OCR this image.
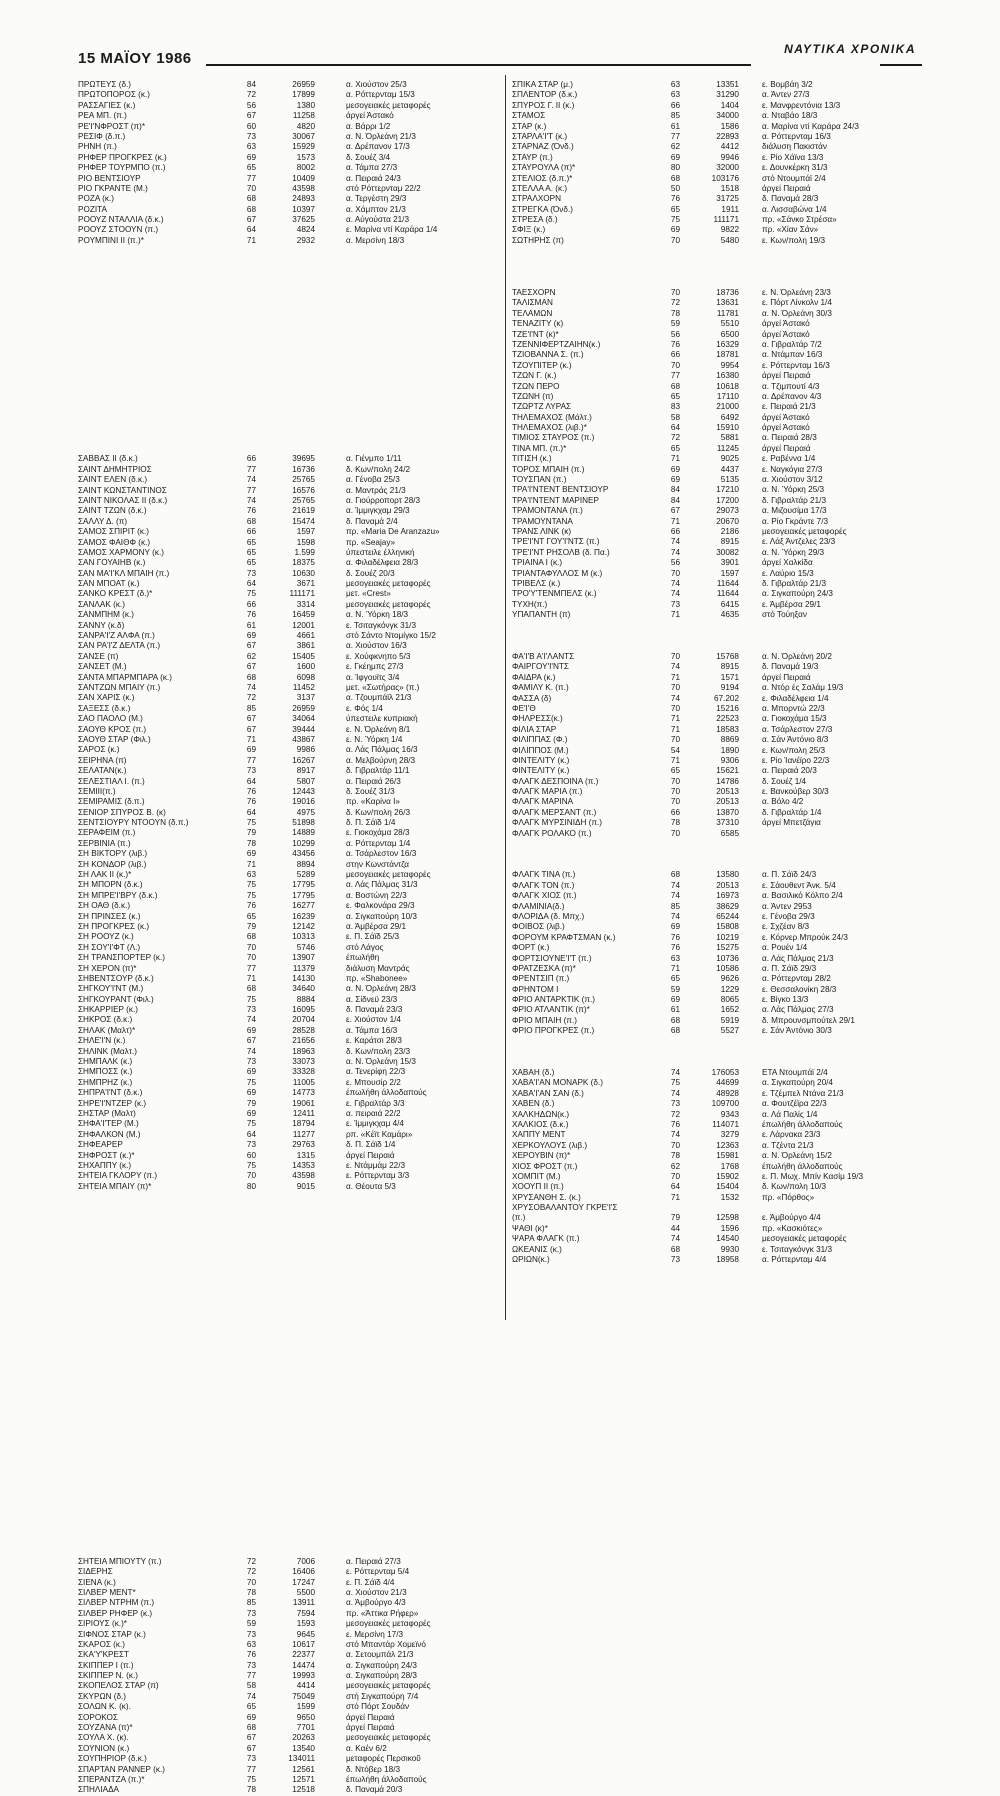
15 ΜΑΪΟΥ 1986
ΝΑΥΤΙΚΑ ΧΡΟΝΙΚΑ
ΠΡΩΤΕΥΣ (δ.)	84	26959	α. Χιούστον 25/3
ΠΡΩΤΟΠΟΡΟΣ (κ.)	72	17899	α. Ρόττερνταμ 15/3
ΡΑΣΣΑΓΙΕΣ (κ.)	56	1380	μεσογειακές μεταφορές
ΡΕΑ ΜΠ. (π.)	67	11258	άργεί Άστακό
ΡΕ'Ι'ΝΦΡΟΣΤ (π)*	60	4820	α. Βάρρι 1/2
ΡΕΣΙΦ (δ.π.)	73	30067	α. Ν. Όρλεάνη 21/3
ΡΗΝΗ (π.)	63	15929	α. Δρέπανον 17/3
ΡΗΦΕΡ ΠΡΟΓΚΡΕΣ (κ.)	69	1573	δ. Σουέζ 3/4
ΡΗΦΕΡ ΤΟΥΡΜΠΟ (π.)	65	8002	α. Τάμπα 27/3
ΡΙΟ ΒΕΝΤΣΙΟΥΡ	77	10409	α. Πειραιά 24/3
ΡΙΟ ΓΚΡΑΝΤΕ (Μ.)	70	43598	στό Ρόττερνταμ 22/2
ΡΟΖΑ (κ.)	68	24893	α. Τεργέστη 29/3
ΡΟΖΙΤΑ	68	10397	α. Χάμπτον 21/3
ΡΟΟΥΖ ΝΤΑΛΛΙΑ (δ.κ.)	67	37625	α. Αύγούστα 21/3
ΡΟΟΥΖ ΣΤΟΟΥΝ (π.)	64	4824	ε. Μαρίνα ντί Καράρα 1/4
ΡΟΥΜΠΙΝΙ ΙΙ (π.)*	71	2932	α. Μερσίνη 18/3
ΣΑΒΒΑΣ ΙΙ (δ.κ.)	66	39695	α. Γιένμπο 1/11
ΣΑΙΝΤ ΔΗΜΗΤΡΙΟΣ	77	16736	δ. Κων/πολη 24/2
ΣΑΙΝΤ ΕΛΕΝ (δ.κ.)	74	25765	α. Γένοβα 25/3
ΣΑΙΝΤ ΚΩΝΣΤΑΝΤΙΝΟΣ	77	16576	α. Μαντράς 21/3
ΣΑΙΝΤ ΝΙΚΟΛΑΣ ΙΙ (δ.κ.)	74	25765	α. Γιούρροπορτ 28/3
ΣΑΙΝΤ ΤΖΩΝ (δ.κ.)	76	21619	α. Ίμμιγκχαμ 29/3
ΣΑΛΛΥ Δ. (π)	68	15474	δ. Παναμά 2/4
ΣΑΜΟΣ ΣΠΙΡΙΤ (κ.)	66	1597	πρ. «Maria De Aranzazu»
ΣΑΜΟΣ ΦΑΙΘΦ (κ.)	65	1598	πρ. «Seajay»
ΣΑΜΟΣ ΧΑΡΜΟΝΥ (κ.)	65	1.599	ύπεστειλε έλληνική
ΣΑΝ ΓΟΥΑΙΗΒ (κ.)	65	18375	α. Φιλαδέλφεια 28/3
ΣΑΝ ΜΑ'Ι'ΚΛ ΜΠΑΙΗ (π.)	73	10630	δ. Σουέζ 20/3
ΣΑΝ ΜΠΟΑΤ (κ.)	64	3671	μεσογειακές μεταφορές
ΣΑΝΚΟ ΚΡΕΣΤ (δ.)*	75	111171	μετ. «Crest»
ΣΑΝΛΑΚ (κ.)	66	3314	μεσογειακές μεταφορές
ΣΑΝΜΠΗΜ (κ.)	76	16459	α. Ν. Ύόρκη 18/3
ΣΑΝΝΥ (κ.δ)	61	12001	ε. Τσιταγκόνγκ 31/3
ΣΑΝΡΑ'Ι'Ζ ΑΛΦΑ (π.)	69	4661	στό Σάντο Ντομίγκο 15/2
ΣΑΝ ΡΑ'Ι'Ζ ΔΕΛΤΑ (π.)	67	3861	α. Χιούστον 16/3
ΣΑΝΣΕ (π)	62	15405	ε. Χούφκνηπο 5/3
ΣΑΝΣΕΤ (Μ.)	67	1600	ε. Γκέημπς 27/3
ΣΑΝΤΑ ΜΠΑΡΜΠΑΡΑ (κ.)	68	6098	α. Ίφγουϊτς 3/4
ΣΑΝΤΖΩΝ ΜΠΑΙΥ (π.)	74	11452	μετ. «Σωτήρας» (π.)
ΣΑΝ ΧΑΡΙΣ (κ.)	72	3137	α. Τζουμπάϊλ 21/3
ΣΑΞΕΣΣ (δ.κ.)	85	26959	ε. Φός 1/4
ΣΑΟ ΠΑΟΛΟ (Μ.)	67	34064	ύπεστειλε κυπριακή
ΣΑΟΥΘ ΚΡΟΣ (π.)	67	39444	ε. Ν. Όρλεάνη 8/1
ΣΑΟΥΘ ΣΤΑΡ (Φιλ.)	71	43867	ε. Ν. Ύόρκη 1/4
ΣΑΡΟΣ (κ.)	69	9986	α. Λάς Πάλμας 16/3
ΣΕΙΡΗΝΑ (π)	77	16267	α. Μελβούρνη 28/3
ΣΕΛΑΤΑΝ(κ.)	73	8917	δ. Γιβραλτάρ 11/1
ΣΕΛΕΣΤΙΑΛ Ι. (π.)	64	5807	α. Πειραιά 26/3
ΣΕΜΙΙΙ(π.)	76	12443	δ. Σουέζ 31/3
ΣΕΜΙΡΑΜΙΣ (δ.π.)	76	19016	πρ. «Καρίνα Ι»
ΣΕΝΙΟΡ ΣΠΥΡΟΣ Β. (κ)	64	4975	δ. Κων/πολη 26/3
ΣΕΝΤΣΙΟΥΡΥ ΝΤΟΟΥΝ (δ.π.)	75	51898	δ. Π. Σάϊδ 1/4
ΣΕΡΑΦΕΙΜ (π.)	79	14889	ε. Γιοκοχάμα 28/3
ΣΕΡΒΙΝΙΑ (π.)	78	10299	α. Ρόττερνταμ 1/4
ΣΗ ΒΙΚΤΟΡΥ (λιβ.)	69	43456	α. Τσάρλεστον 16/3
ΣΗ ΚΟΝΔΟΡ (λιβ.)	71	8894	στην Κωνστάντζα
ΣΗ ΛΑΚ ΙΙ (κ.)*	63	5289	μεσογειακές μεταφορές
ΣΗ ΜΠΟΡΝ (δ.κ.)	75	17795	α. Λάς Πάλμας 31/3
ΣΗ ΜΠΡΕ'Ι'ΒΡΥ (δ.κ.)	75	17795	α. Βοστώνη 22/3
ΣΗ ΟΑΘ (δ.κ.)	76	16277	ε. Φαλκονάρα 29/3
ΣΗ ΠΡΙΝΣΕΣ (κ.)	65	16239	α. Σιγκαπούρη 10/3
ΣΗ ΠΡΟΓΚΡΕΣ (κ.)	79	12142	α. Άμβέρσα 29/1
ΣΗ ΡΟΟΥΖ (κ.)	68	10313	ε. Π. Σάϊδ 25/3
ΣΗ ΣΟΥ'Ι'ΦΤ (Λ.)	70	5746	στό Λάγος
ΣΗ ΤΡΑΝΣΠΟΡΤΕΡ (κ.)	70	13907	έπωλήθη
ΣΗ ΧΕΡΟΝ (π)*	77	11379	διάλυση Μαντράς
ΣΗΒΕΝΤΣΟΥΡ (δ.κ.)	71	14130	πρ. «Shabonee»
ΣΗΓΚΟΥ'Ι'ΝΤ (Μ.)	68	34640	α. Ν. Όρλεάνη 28/3
ΣΗΓΚΟΥΡΑΝΤ (Φιλ.)	75	8884	α. Σίδνεϋ 23/3
ΣΗΚΑΡΡΙΕΡ (κ.)	73	16095	δ. Παναμά 23/3
ΣΗΚΡΟΣ (δ.κ.)	74	20704	ε. Χιούστον 1/4
ΣΗΛΑΚ (Μαλτ)*	69	28528	α. Τάμπα 16/3
ΣΗΛΕ'Ι'Ν (κ.)	67	21656	ε. Καράτσι 28/3
ΣΗΛΙΝΚ (Μαλτ.)	74	18963	δ. Κων/πολη 23/3
ΣΗΜΠΑΛΚ (κ.)	73	33073	α. Ν. Όρλεάνη 15/3
ΣΗΜΠΟΣΣ (κ.)	69	33328	α. Τενερίφη 22/3
ΣΗΜΠΡΗΖ (κ.)	75	11005	ε. Μπουσίρ 2/2
ΣΗΠΡΑ'Ι'ΝΤ (δ.κ.)	69	14773	έπωλήθη άλλοδαπούς
ΣΗΡΕ'Ι'ΝΤΖΕΡ (κ.)	79	19061	ε. Γιβραλτάρ 3/3
ΣΗΣΤΑΡ (Μαλτ)	69	12411	α. πειραιά 22/2
ΣΗΦΑ'Ι'ΤΕΡ (Μ.)	75	18794	ε. Ίμμιγκχαμ 4/4
ΣΗΦΑΛΚΟΝ (Μ.)	64	11277	ρπ. «Κέϊτ Καμάρι»
ΣΗΦΕΑΡΕΡ	73	29763	δ. Π. Σάϊδ 1/4
ΣΗΦΡΟΣΤ (κ.)*	60	1315	άργεί Πειραιά
ΣΗΧΑΠΠΥ (κ.)	75	14353	ε. Ντάμμάμ 22/3
ΣΗΤΕΙΑ ΓΚΛΟΡΥ (π.)	70	43598	ε. Ρόττερνταμ 3/3
ΣΗΤΕΙΑ ΜΠΑΙΥ (π)*	80	9015	α. Θέουτα 5/3
ΣΗΤΕΙΑ ΜΠΙΟΥΤΥ (π.)	72	7006	α. Πειραιά 27/3
ΣΙΔΕΡΗΣ	72	16406	ε. Ρόττερνταμ 5/4
ΣΙΕΝΑ (κ.)	70	17247	ε. Π. Σάϊδ 4/4
ΣΙΛΒΕΡ ΜΕΝΤ*	78	5500	α. Χιούστον 21/3
ΣΙΛΒΕΡ ΝΤΡΗΜ (π.)	85	13911	α. Άμβούργο 4/3
ΣΙΛΒΕΡ ΡΗΦΕΡ (κ.)	73	7594	πρ. «Άττικα Ρήφερ»
ΣΙΡΙΟΥΣ (κ.)*	59	1593	μεσογειακές μεταφορές
ΣΙΦΝΟΣ ΣΤΑΡ (κ.)	73	9645	ε. Μερσίνη 17/3
ΣΚΑΡΟΣ (κ.)	63	10617	στό Μπαντάρ Χομεϊνό
ΣΚΑ'Υ'ΚΡΕΣΤ	76	22377	α. Σετουμπάλ 21/3
ΣΚΙΠΠΕΡ Ι (π.)	73	14474	α. Σιγκαπούρη 24/3
ΣΚΙΠΠΕΡ Ν. (κ.)	77	19993	α. Σιγκαπούρη 28/3
ΣΚΟΠΕΛΟΣ ΣΤΑΡ (π)	58	4414	μεσογειακές μεταφορές
ΣΚΥΡΩΝ (δ.)	74	75049	στή Σιγκαπούρη 7/4
ΣΟΛΩΝ Κ. (κ).	65	1599	στό Πόρτ Σουδάν
ΣΟΡΟΚΟΣ	69	9650	άργεί Πειραιά
ΣΟΥΖΑΝΑ (π)*	68	7701	άργεί Πειραιά
ΣΟΥΛΑ Χ. (κ).	67	20263	μεσογειακές μεταφορές
ΣΟΥΝΙΟΝ (κ.)	67	13540	α. Καέν 6/2
ΣΟΥΠΗΡΙΟΡ (δ.κ.)	73	134011	μεταφορές Περσικοῦ
ΣΠΑΡΤΑΝ ΡΑΝΝΕΡ (κ.)	77	12561	δ. Ντόβερ 18/3
ΣΠΕΡΑΝΤΖΑ (π.)*	75	12571	έπωλήθη άλλοδαπούς
ΣΠΗΛΙΑΔΑ	78	12518	δ. Παναμά 20/3
ΣΠΙΚΑ ΣΤΑΡ (μ.)	63	13351	ε. Βομβάη 3/2
ΣΠΛΕΝΤΟΡ (δ.κ.)	63	31290	α. Άντεν 27/3
ΣΠΥΡΟΣ Γ. ΙΙ (κ.)	66	1404	ε. Μανφρεντόνια 13/3
ΣΤΑΜΟΣ	85	34000	α. Νταβάο 18/3
ΣΤΑΡ (κ.)	61	1586	α. Μαρίνα ντί Καράρα 24/3
ΣΤΑΡΛΑ'Ι'Τ (κ.)	77	22893	α. Ρόττερνταμ 16/3
ΣΤΑΡΝΑΖ (Όνδ.)	62	4412	διάλυση Πακιστάν
ΣΤΑΥΡ (π.)	69	9946	ε. Ρίο Χάϊνα 13/3
ΣΤΑΥΡΟΥΛΑ (π)*	80	32000	ε. Δουνκέρκη 31/3
ΣΤΕΛΙΟΣ (δ.π.)*	68	103176	στό Ντουμπάϊ 2/4
ΣΤΕΛΛΑ Α. (κ.)	50	1518	άργεί Πειραιά
ΣΤΡΑΛΧΟΡΝ	76	31725	δ. Παναμά 28/3
ΣΤΡΕΓΚΑ (Όνδ.)	65	1911	α. Λισσαβώνα 1/4
ΣΤΡΕΣΑ (δ.)	75	111171	πρ. «Σάνκο Στρέσα»
ΣΦΙΞ (κ.)	69	9822	πρ. «Χίαν Σάν»
ΣΩΤΗΡΗΣ (π)	70	5480	ε. Κων/πολη 19/3
ΤΑΕΣΧΟΡΝ	70	18736	ε. Ν. Όρλεάνη 23/3
ΤΑΛΙΣΜΑΝ	72	13631	ε. Πόρτ Λίνκολν 1/4
ΤΕΛΑΜΩΝ	78	11781	α. Ν. Όρλεάνη 30/3
ΤΕΝΑΖΙΤΥ (κ)	59	5510	άργεί Άστακό
ΤΖΕ'Ι'ΝΤ (κ)*	56	6500	άργεί Άστακό
ΤΖΕΝΝΙΦΕΡΤΖΑΙΗΝ(κ.)	76	16329	α. Γιβραλτάρ 7/2
ΤΖΙΟΒΑΝΝΑ Σ. (π.)	66	18781	α. Ντάμπαν 16/3
ΤΖΟΥΠΙΤΕΡ (κ.)	70	9954	ε. Ρόττερνταμ 16/3
ΤΖΩΝ Γ. (κ.)	77	16380	άργεί Πειραιά
ΤΖΩΝ ΠΕΡΟ	68	10618	α. Τζιμπουτί 4/3
ΤΖΩΝΗ (π)	65	17110	α. Δρέπανον 4/3
ΤΖΩΡΤΖ ΛΥΡΑΣ	83	21000	ε. Πειραιά 21/3
ΤΗΛΕΜΑΧΟΣ (Μάλτ.)	58	6492	άργεί Άστακό
ΤΗΛΕΜΑΧΟΣ (λιβ.)*	64	15910	άργεί Άστακό
ΤΙΜΙΟΣ ΣΤΑΥΡΟΣ (π.)	72	5881	α. Πειραιά 28/3
ΤΙΝΑ ΜΠ. (π.)*	65	11245	άργεί Πειραιά
ΤΙΤΙΣΗ (κ.)	71	9025	ε. Ραβέννα 1/4
ΤΟΡΟΣ ΜΠΑΙΗ (π.)	69	4437	ε. Ναγκόγια 27/3
ΤΟΥΣΠΑΝ (π.)	69	5135	α. Χιούστον 3/12
ΤΡΑ'Ι'ΝΤΕΝΤ ΒΕΝΤΣΙΟΥΡ	84	17210	α. Ν. Ύόρκη 25/3
ΤΡΑ'Ι'ΝΤΕΝΤ ΜΑΡΙΝΕΡ	84	17200	δ. Γιβραλτάρ 21/3
ΤΡΑΜΟΝΤΑΝΑ (π.)	67	29073	α. Μιζουσίμα 17/3
ΤΡΑΜΟΥΝΤΑΝΑ	71	20670	α. Ρίο Γκράντε 7/3
ΤΡΑΝΣ ΛΙΝΚ (κ)	66	2186	μεσογειακές μεταφορές
ΤΡΕ'Ι'ΝΤ ΓΟΥ'Ι'ΝΤΣ (π.)	74	8915	ε. Λάξ Άντζελες 23/3
ΤΡΕ'Ι'ΝΤ ΡΗΣΟΛΒ (δ. Πα.)	74	30082	α. Ν. Ύόρκη 29/3
ΤΡΙΑΙΝΑ Ι (κ.)	56	3901	άργεί Χαλκίδα
ΤΡΙΑΝΤΑΦΥΛΛΟΣ Μ (κ.)	70	1597	ε. Λαύριο 15/3
ΤΡΙΒΕΛΣ (κ.)	74	11644	δ. Γιβραλτάρ 21/3
ΤΡΟ'Υ'ΤΕΝΜΠΕΛΣ (κ.)	74	11644	α. Σιγκαπούρη 24/3
ΤΥΧΗ(π.)	73	6415	ε. Άμβέρσα 29/1
ΥΠΑΠΑΝΤΗ (π)	71	4635	στό Τούηξαν
ΦΑ'Ι'Β Α'Ι'ΛΑΝΤΣ	70	15768	α. Ν. Όρλεάνη 20/2
ΦΑΙΡΓΟΥ'Ι'ΝΤΣ	74	8915	δ. Παναμά 19/3
ΦΑΙΔΡΑ (κ.)	71	1571	άργεί Πειραιά
ΦΑΜΙΛΥ Κ. (π.)	70	9194	α. Ντόρ ές Σαλάμ 19/3
ΦΑΣΣΑ (δ)	74	67.202	ε. Φιλαδέλφεια 1/4
ΦΕ'Ι'Θ	70	15216	α. Μπορντώ 22/3
ΦΗΛΡΕΣΣ(κ.)	71	22523	α. Γιοκοχάμα 15/3
ΦΙΛΙΑ ΣΤΑΡ	71	18583	α. Τσάρλεστον 27/3
ΦΙΛΙΠΠΑΣ (Φ.)	70	8869	α. Σάν Άντόνιο 8/3
ΦΙΛΙΠΠΟΣ (Μ.)	54	1890	ε. Κων/πολη 25/3
ΦΙΝΤΕΛΙΤΥ (κ.)	71	9306	ε. Ρίο Ίανέϊρο 22/3
ΦΙΝΤΕΛΙΤΥ (κ.)	65	15621	α. Πειραιά 20/3
ΦΛΑΓΚ ΔΕΣΠΟΙΝΑ (π.)	70	14786	δ. Σουέζ 1/4
ΦΛΑΓΚ ΜΑΡΙΑ (π.)	70	20513	ε. Βανκούβερ 30/3
ΦΛΑΓΚ ΜΑΡΙΝΑ	70	20513	α. Βόλο 4/2
ΦΛΑΓΚ ΜΕΡΣΑΝΤ (π.)	66	13870	δ. Γιβραλτάρ 1/4
ΦΛΑΓΚ ΜΥΡΣΙΝΙΔΗ (π.)	78	37310	άργεί Μπετζάγια
ΦΛΑΓΚ ΡΟΛΑΚΟ (π.)	70	6585
ΦΛΑΓΚ ΤΙΝΑ (π.)	68	13580	α. Π. Σάϊδ 24/3
ΦΛΑΓΚ ΤΟΝ (π.)	74	20513	ε. Σάουθεντ Άνκ. 5/4
ΦΛΑΓΚ ΧΙΟΣ (π.)	74	16973	α. Βασιλικό Κόλπο 2/4
ΦΛΑΜΙΝΙΑ(δ.)	85	38629	α. Άντεν 2953
ΦΛΟΡΙΔΑ (δ. Μπχ.)	74	65244	ε. Γένοβα 29/3
ΦΟΙΒΟΣ (λιβ.)	69	15808	ε. Σχζέαν 8/3
ΦΟΡΟΥΜ ΚΡΑΦΤΣΜΑΝ (κ.)	76	10219	ε. Κόρνερ Μπρούκ 24/3
ΦΟΡΤ (κ.)	76	15275	α. Ρουέν 1/4
ΦΟΡΤΣΙΟΥΝΕ'Ι'Τ (π.)	63	10736	α. Λάς Πάλμας 21/3
ΦΡΑΤΖΕΣΚΑ (π)*	71	10586	α. Π. Σάϊδ 29/3
ΦΡΕΝΤΣΙΠ (π.)	65	9626	α. Ρόττερνταμ 28/2
ΦΡΗΝΤΟΜ Ι	59	1229	ε. Θεσσαλονίκη 28/3
ΦΡΙΟ ΑΝΤΑΡΚΤΙΚ (π.)	69	8065	ε. Βίγκο 13/3
ΦΡΙΟ ΑΤΛΑΝΤΙΚ (π)*	61	1652	α. Λάς Πάλμας 27/3
ΦΡΙΟ ΜΠΑΙΗ (π.)	68	5919	δ. Μπρουνσμπούτελ 29/1
ΦΡΙΟ ΠΡΟΓΚΡΕΣ (π.)	68	5527	ε. Σάν Άντόνιο 30/3
ΧΑΒΑΗ (δ.)	74	176053	ΕΤΑ Ντουμπάϊ 2/4
ΧΑΒΑ'Ι'ΑΝ ΜΟΝΑΡΚ (δ.)	75	44699	α. Σιγκαπούρη 20/4
ΧΑΒΑ'Ι'ΑΝ ΣΑΝ (δ.)	74	48928	ε. Τζέμπελ Ντάνα 21/3
ΧΑΒΕΝ (δ.)	73	109700	α. Φουτζέϊρα 22/3
ΧΑΛΚΗΔΩΝ(κ.)	72	9343	α. Λά Παλίς 1/4
ΧΑΛΚΙΟΣ (δ.κ.)	76	114071	έπωλήθη άλλοδαπούς
ΧΑΠΠΥ ΜΕΝΤ	74	3279	ε. Λάρνακα 23/3
ΧΕΡΚΟΥΛΟΥΣ (λιβ.)	70	12363	α. Τζέντα 21/3
ΧΕΡΟΥΒΙΝ (π)*	78	15981	α. Ν. Όρλεάνη 15/2
ΧΙΟΣ ΦΡΟΣΤ (π.)	62	1768	έπωλήθη άλλοδαπούς
ΧΟΜΠΙΤ (Μ.)	70	15902	ε. Π. Μωχ. Μπίν Κασίμ 19/3
ΧΟΟΥΠ ΙΙ (π.)	64	15404	δ. Κων/πολη 10/3
ΧΡΥΣΑΝΘΗ Σ. (κ.)	71	1532	πρ. «Πόρθος»
ΧΡΥΣΟΒΑΛΑΝΤΟΥ ΓΚΡΕ'Ι'Σ
(π.)	79	12598	ε. Άμβούργο 4/4
ΨΑΘΙ (κ)*	44	1596	πρ. «Κασκιότες»
ΨΑΡΑ ΦΛΑΓΚ (π.)	74	14540	μεσογειακές μεταφορές
ΩΚΕΑΝΙΣ (κ.)	68	9930	ε. Τσιταγκόνγκ 31/3
ΩΡΙΩΝ(κ.)	73	18958	α. Ρόττερνταμ 4/4
